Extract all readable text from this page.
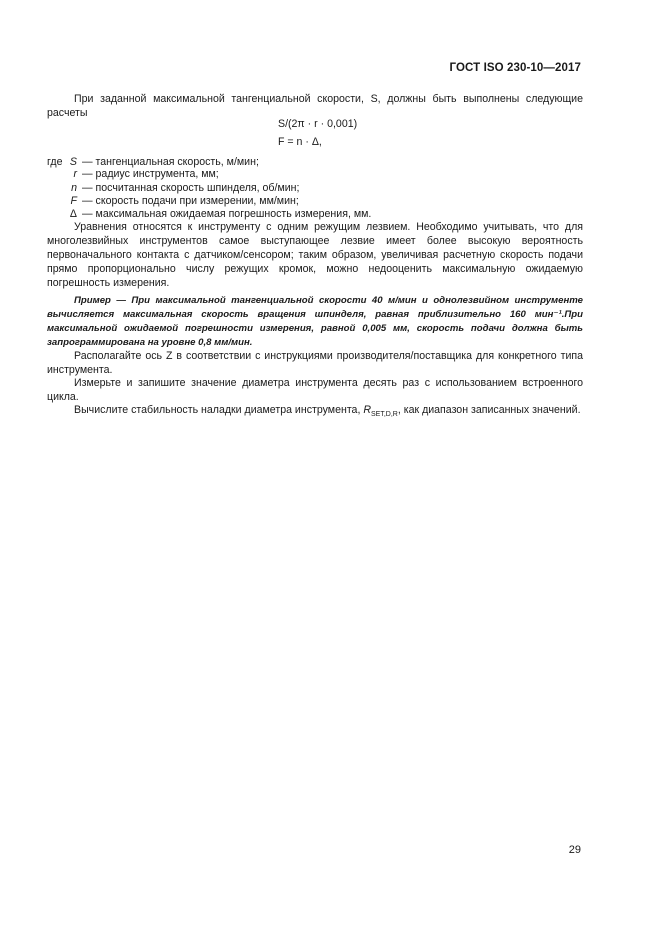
ГОСТ ISO 230-10—2017

При заданной максимальной тангенциальной скорости, S, должны быть выполнены следующие расчеты

S/(2π · r · 0,001)
F = n · Δ,
где S — тангенциальная скорость, м/мин;
r — радиус инструмента, мм;
n — посчитанная скорость шпинделя, об/мин;
F — скорость подачи при измерении, мм/мин;
Δ — максимальная ожидаемая погрешность измерения, мм.

Уравнения относятся к инструменту с одним режущим лезвием. Необходимо учитывать, что для многолезвийных инструментов самое выступающее лезвие имеет более высокую вероятность первоначального контакта с датчиком/сенсором; таким образом, увеличивая расчетную скорость подачи прямо пропорционально числу режущих кромок, можно недооценить максимальную ожидаемую погрешность измерения.

Пример — При максимальной тангенциальной скорости 40 м/мин и однолезвийном инструменте вычисляется максимальная скорость вращения шпинделя, равная приблизительно 160 мин⁻¹.При максимальной ожидаемой погрешности измерения, равной 0,005 мм, скорость подачи должна быть запрограммирована на уровне 0,8 мм/мин.

Располагайте ось Z в соответствии с инструкциями производителя/поставщика для конкретного типа инструмента.

Измерьте и запишите значение диаметра инструмента десять раз с использованием встроенного цикла.

Вычислите стабильность наладки диаметра инструмента, $R_{SET,D,R}$, как диапазон записанных значений.

29
